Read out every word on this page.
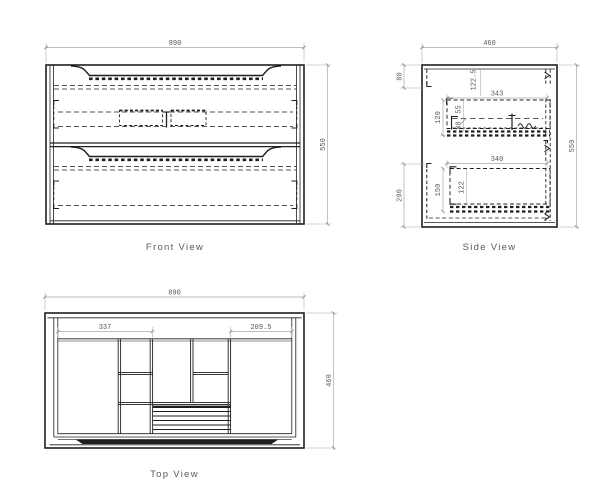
890
550
Front View
460
550
80
200
122.5
343
120
55
38
340
150 122
Side View
890
460
337	209.5
Top View
